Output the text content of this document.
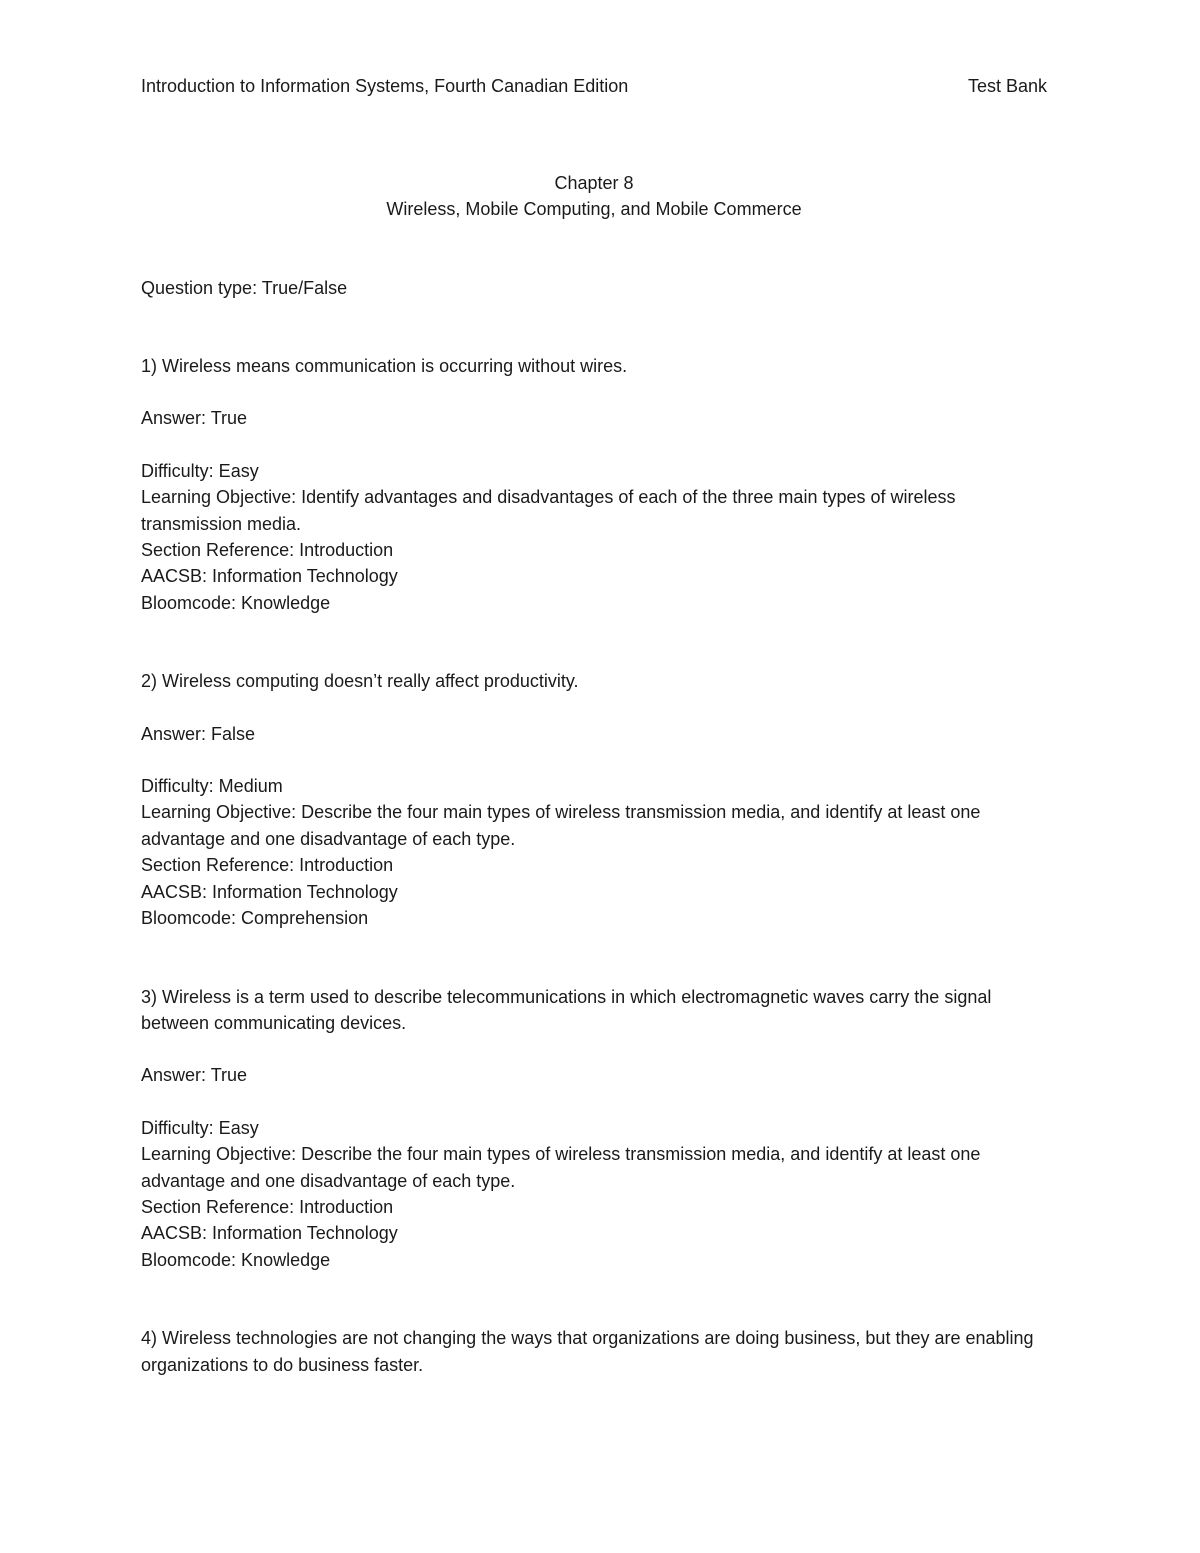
Introduction to Information Systems, Fourth Canadian Edition	Test Bank
Chapter 8
Wireless, Mobile Computing, and Mobile Commerce
Question type: True/False

1) Wireless means communication is occurring without wires.

Answer: True

Difficulty: Easy
Learning Objective: Identify advantages and disadvantages of each of the three main types of wireless transmission media.
Section Reference: Introduction
AACSB: Information Technology
Bloomcode: Knowledge

2) Wireless computing doesn’t really affect productivity.

Answer: False

Difficulty: Medium
Learning Objective: Describe the four main types of wireless transmission media, and identify at least one advantage and one disadvantage of each type.
Section Reference: Introduction
AACSB: Information Technology
Bloomcode: Comprehension

3) Wireless is a term used to describe telecommunications in which electromagnetic waves carry the signal between communicating devices.

Answer: True

Difficulty: Easy
Learning Objective: Describe the four main types of wireless transmission media, and identify at least one advantage and one disadvantage of each type.
Section Reference: Introduction
AACSB: Information Technology
Bloomcode: Knowledge

4) Wireless technologies are not changing the ways that organizations are doing business, but they are enabling organizations to do business faster.
